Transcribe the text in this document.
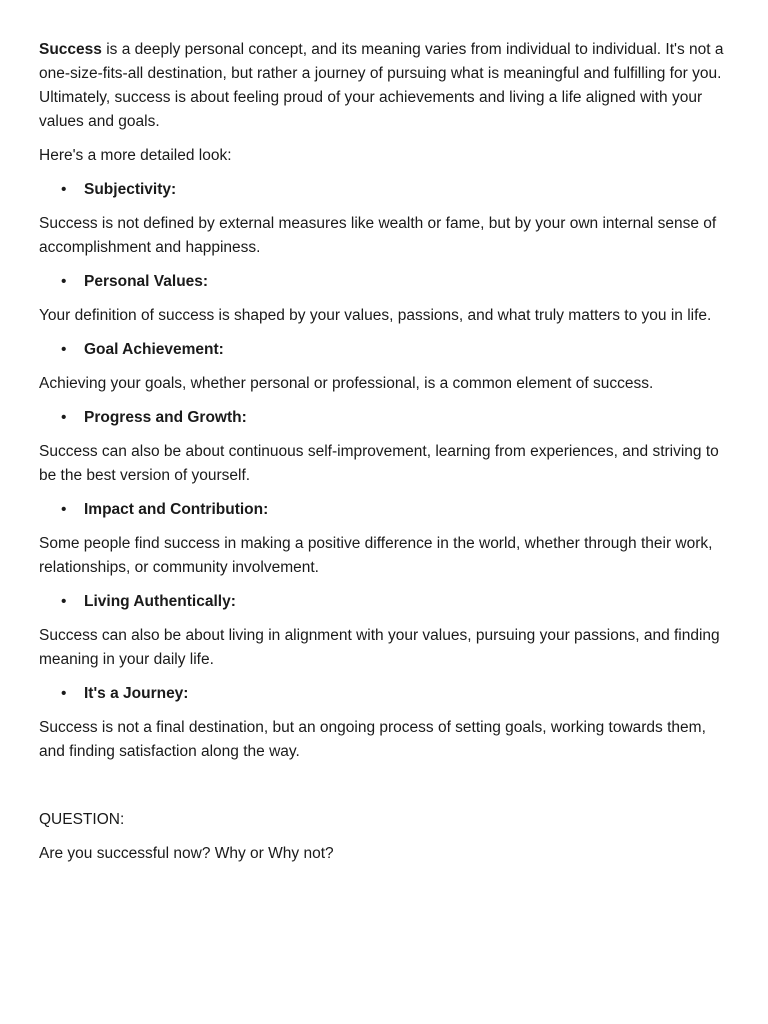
Success is a deeply personal concept, and its meaning varies from individual to individual. It's not a one-size-fits-all destination, but rather a journey of pursuing what is meaningful and fulfilling for you. Ultimately, success is about feeling proud of your achievements and living a life aligned with your values and goals.

Here's a more detailed look:

• Subjectivity:

Success is not defined by external measures like wealth or fame, but by your own internal sense of accomplishment and happiness.

• Personal Values:

Your definition of success is shaped by your values, passions, and what truly matters to you in life.

• Goal Achievement:

Achieving your goals, whether personal or professional, is a common element of success.

• Progress and Growth:

Success can also be about continuous self-improvement, learning from experiences, and striving to be the best version of yourself.

• Impact and Contribution:

Some people find success in making a positive difference in the world, whether through their work, relationships, or community involvement.

• Living Authentically:

Success can also be about living in alignment with your values, pursuing your passions, and finding meaning in your daily life.

• It's a Journey:

Success is not a final destination, but an ongoing process of setting goals, working towards them, and finding satisfaction along the way.

QUESTION:

Are you successful now? Why or Why not?
